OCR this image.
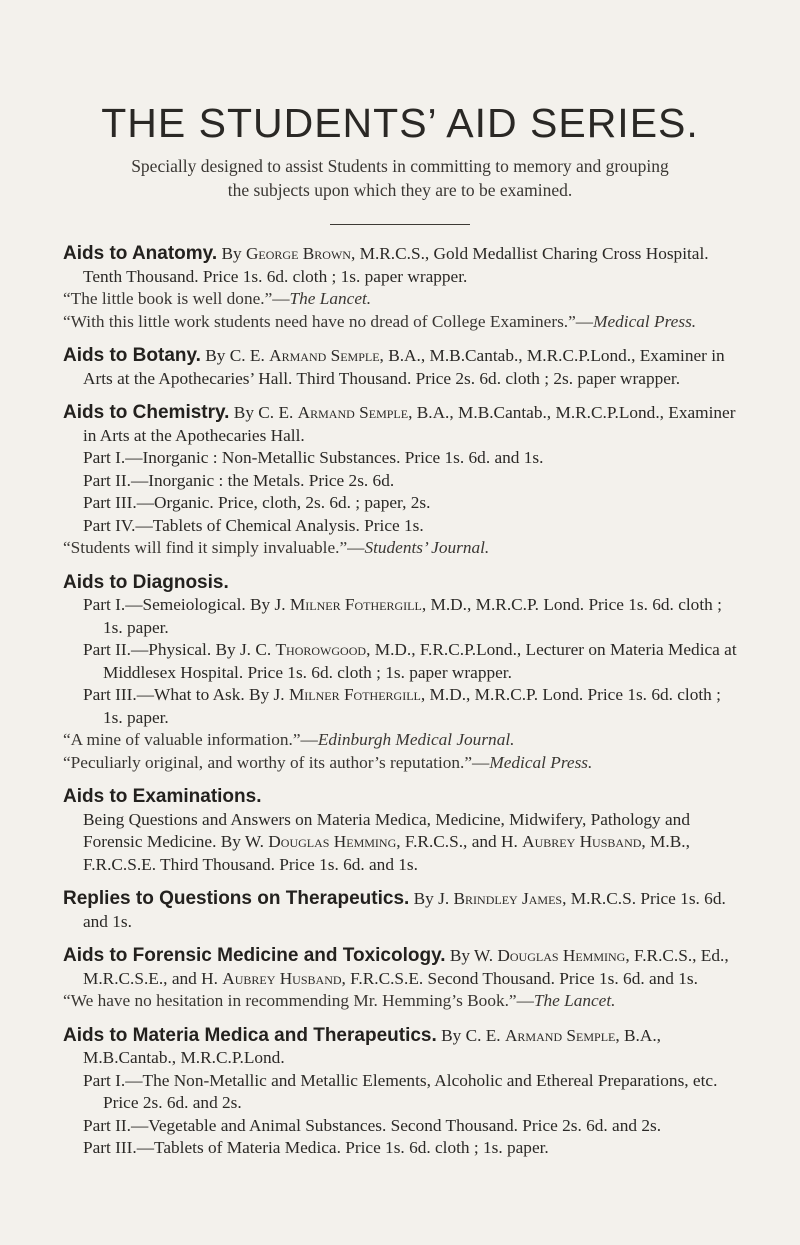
THE STUDENTS’ AID SERIES.
Specially designed to assist Students in committing to memory and grouping
the subjects upon which they are to be examined.

Aids to Anatomy. By George Brown, M.R.C.S., Gold Medallist Charing Cross Hospital. Tenth Thousand. Price 1s. 6d. cloth ; 1s. paper wrapper.

“The little book is well done.”—The Lancet.

“With this little work students need have no dread of College Examiners.”—Medical Press.

Aids to Botany. By C. E. Armand Semple, B.A., M.B.Cantab., M.R.C.P.Lond., Examiner in Arts at the Apothecaries’ Hall. Third Thousand. Price 2s. 6d. cloth ; 2s. paper wrapper.

Aids to Chemistry. By C. E. Armand Semple, B.A., M.B.Cantab., M.R.C.P.Lond., Examiner in Arts at the Apothecaries Hall.

Part I.—Inorganic : Non-Metallic Substances. Price 1s. 6d. and 1s.

Part II.—Inorganic : the Metals. Price 2s. 6d.

Part III.—Organic. Price, cloth, 2s. 6d. ; paper, 2s.

Part IV.—Tablets of Chemical Analysis. Price 1s.

“Students will find it simply invaluable.”—Students’ Journal.

Aids to Diagnosis.

Part I.—Semeiological. By J. Milner Fothergill, M.D., M.R.C.P. Lond. Price 1s. 6d. cloth ; 1s. paper.

Part II.—Physical. By J. C. Thorowgood, M.D., F.R.C.P.Lond., Lecturer on Materia Medica at Middlesex Hospital. Price 1s. 6d. cloth ; 1s. paper wrapper.

Part III.—What to Ask. By J. Milner Fothergill, M.D., M.R.C.P. Lond. Price 1s. 6d. cloth ; 1s. paper.

“A mine of valuable information.”—Edinburgh Medical Journal.

“Peculiarly original, and worthy of its author’s reputation.”—Medical Press.

Aids to Examinations.

Being Questions and Answers on Materia Medica, Medicine, Midwifery, Pathology and Forensic Medicine. By W. Douglas Hemming, F.R.C.S., and H. Aubrey Husband, M.B., F.R.C.S.E. Third Thousand. Price 1s. 6d. and 1s.

Replies to Questions on Therapeutics. By J. Brindley James, M.R.C.S. Price 1s. 6d. and 1s.

Aids to Forensic Medicine and Toxicology. By W. Douglas Hemming, F.R.C.S., Ed., M.R.C.S.E., and H. Aubrey Husband, F.R.C.S.E. Second Thousand. Price 1s. 6d. and 1s.

“We have no hesitation in recommending Mr. Hemming’s Book.”—The Lancet.

Aids to Materia Medica and Therapeutics. By C. E. Armand Semple, B.A., M.B.Cantab., M.R.C.P.Lond.

Part I.—The Non-Metallic and Metallic Elements, Alcoholic and Ethereal Preparations, etc. Price 2s. 6d. and 2s.

Part II.—Vegetable and Animal Substances. Second Thousand. Price 2s. 6d. and 2s.

Part III.—Tablets of Materia Medica. Price 1s. 6d. cloth ; 1s. paper.
